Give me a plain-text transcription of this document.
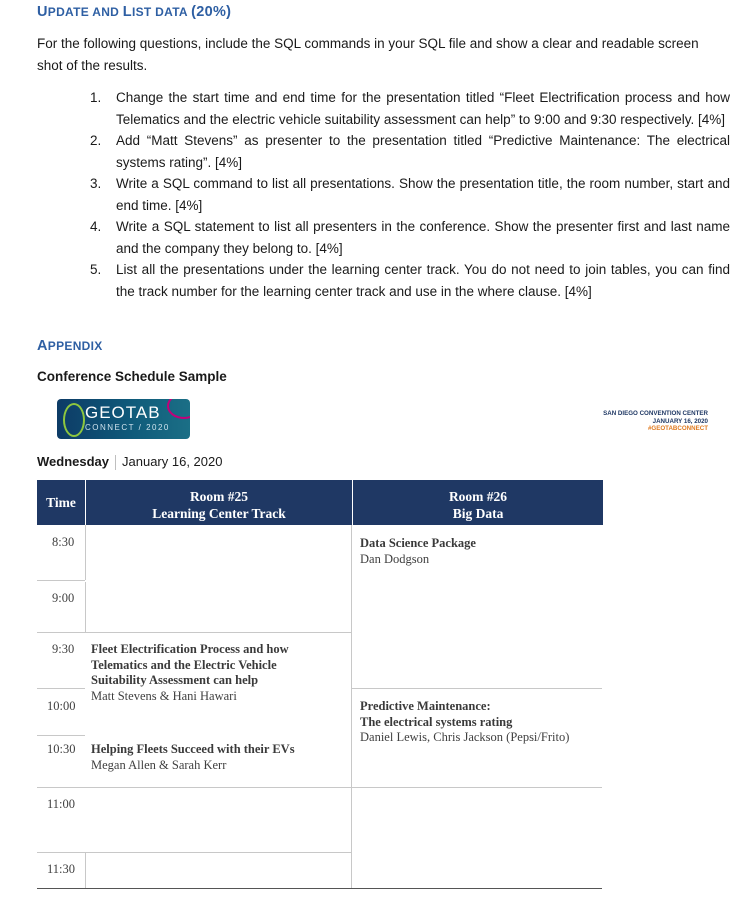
UPDATE AND LIST DATA (20%)
For the following questions, include the SQL commands in your SQL file and show a clear and readable screen shot of the results.
1. Change the start time and end time for the presentation titled “Fleet Electrification process and how Telematics and the electric vehicle suitability assessment can help” to 9:00 and 9:30 respectively. [4%]
2. Add “Matt Stevens” as presenter to the presentation titled “Predictive Maintenance: The electrical systems rating”. [4%]
3. Write a SQL command to list all presentations. Show the presentation title, the room number, start and end time. [4%]
4. Write a SQL statement to list all presenters in the conference. Show the presenter first and last name and the company they belong to. [4%]
5. List all the presentations under the learning center track. You do not need to join tables, you can find the track number for the learning center track and use in the where clause. [4%]
APPENDIX
Conference Schedule Sample
GEOTAB
CONNECT / 2020
SAN DIEGO CONVENTION CENTER
JANUARY 16, 2020
#GEOTABCONNECT
Wednesday January 16, 2020
Time	Room #25
Learning Center Track
Room #26
Big Data
8:30
9:00
9:30
10:00
10:30
11:00
11:30
Data Science Package
Dan Dodgson
Fleet Electrification Process and how
Telematics and the Electric Vehicle
Suitability Assessment can help
Matt Stevens & Hani Hawari
Predictive Maintenance:
The electrical systems rating
Daniel Lewis, Chris Jackson (Pepsi/Frito)
Helping Fleets Succeed with their EVs
Megan Allen & Sarah Kerr
